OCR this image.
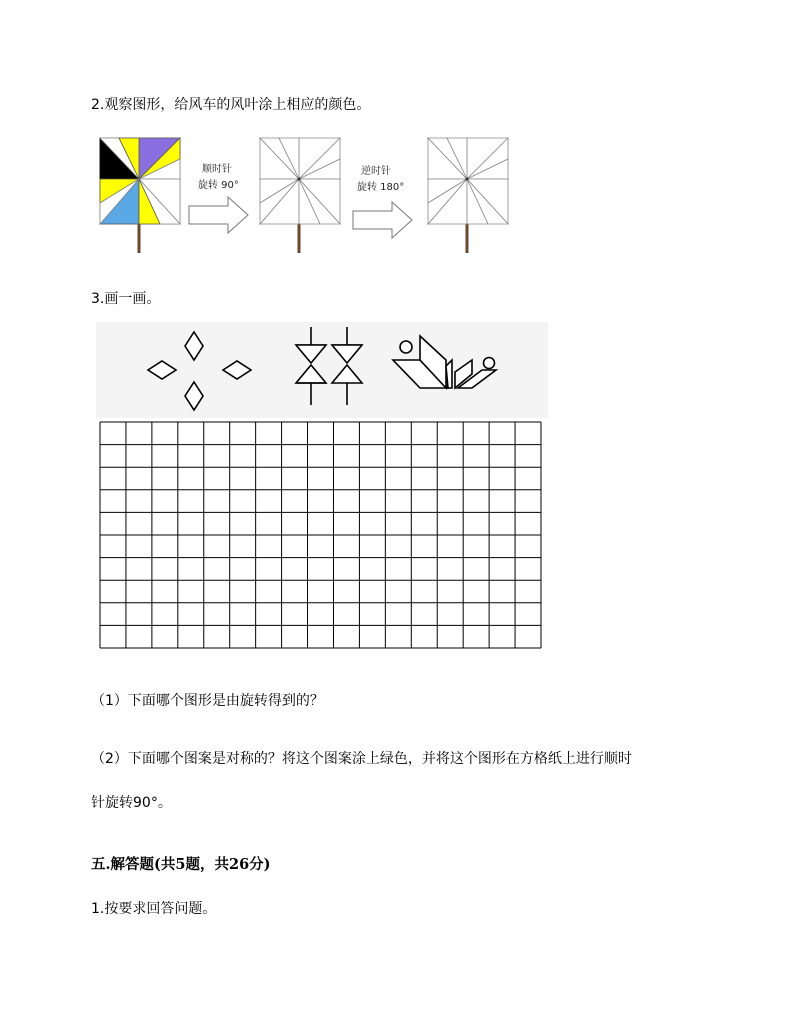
2.观察图形，给风车的风叶涂上相应的颜色。
顺时针
旋转 90°
逆时针
旋转 180°
3.画一画。
（1）下面哪个图形是由旋转得到的？
（2）下面哪个图案是对称的？将这个图案涂上绿色，并将这个图形在方格纸上进行顺时
针旋转90°。
五.解答题(共5题，共26分)
1.按要求回答问题。
